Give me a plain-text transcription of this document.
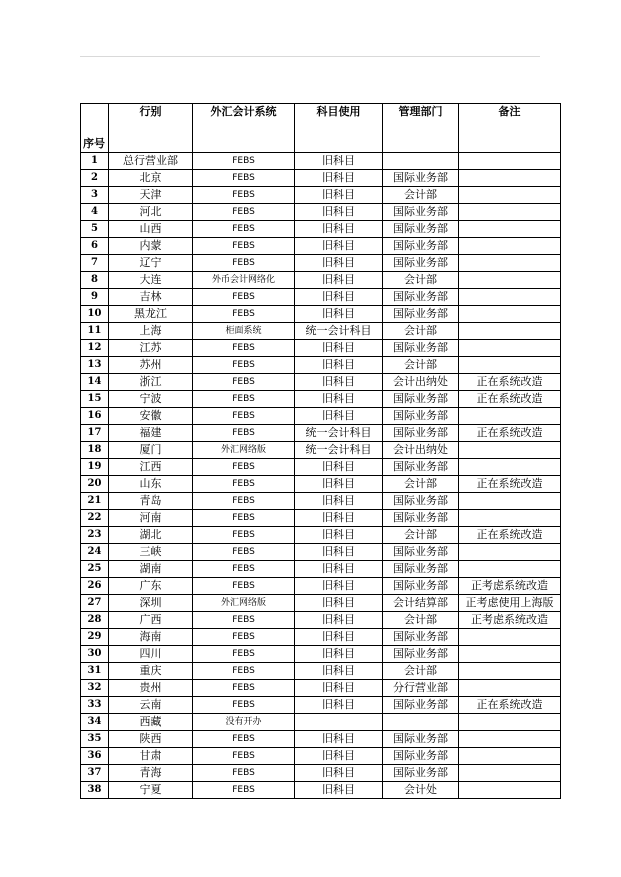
序号	行别	外汇会计系统	科目使用	管理部门	备注
1	总行营业部	FEBS	旧科目		
2	北京	FEBS	旧科目	国际业务部	
3	天津	FEBS	旧科目	会计部	
4	河北	FEBS	旧科目	国际业务部	
5	山西	FEBS	旧科目	国际业务部	
6	内蒙	FEBS	旧科目	国际业务部	
7	辽宁	FEBS	旧科目	国际业务部	
8	大连	外币会计网络化	旧科目	会计部	
9	吉林	FEBS	旧科目	国际业务部	
10	黑龙江	FEBS	旧科目	国际业务部	
11	上海	柜面系统	统一会计科目	会计部	
12	江苏	FEBS	旧科目	国际业务部	
13	苏州	FEBS	旧科目	会计部	
14	浙江	FEBS	旧科目	会计出纳处	正在系统改造
15	宁波	FEBS	旧科目	国际业务部	正在系统改造
16	安徽	FEBS	旧科目	国际业务部	
17	福建	FEBS	统一会计科目	国际业务部	正在系统改造
18	厦门	外汇网络版	统一会计科目	会计出纳处	
19	江西	FEBS	旧科目	国际业务部	
20	山东	FEBS	旧科目	会计部	正在系统改造
21	青岛	FEBS	旧科目	国际业务部	
22	河南	FEBS	旧科目	国际业务部	
23	湖北	FEBS	旧科目	会计部	正在系统改造
24	三峡	FEBS	旧科目	国际业务部	
25	湖南	FEBS	旧科目	国际业务部	
26	广东	FEBS	旧科目	国际业务部	正考虑系统改造
27	深圳	外汇网络版	旧科目	会计结算部	正考虑使用上海版
28	广西	FEBS	旧科目	会计部	正考虑系统改造
29	海南	FEBS	旧科目	国际业务部	
30	四川	FEBS	旧科目	国际业务部	
31	重庆	FEBS	旧科目	会计部	
32	贵州	FEBS	旧科目	分行营业部	
33	云南	FEBS	旧科目	国际业务部	正在系统改造
34	西藏	没有开办			
35	陕西	FEBS	旧科目	国际业务部	
36	甘肃	FEBS	旧科目	国际业务部	
37	青海	FEBS	旧科目	国际业务部	
38	宁夏	FEBS	旧科目	会计处	
